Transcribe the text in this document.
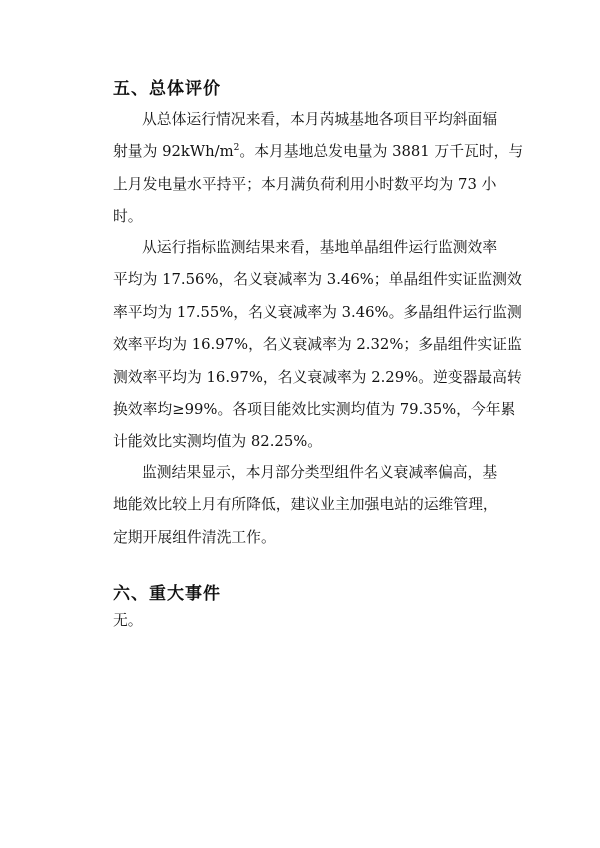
五、总体评价
从总体运行情况来看，本月芮城基地各项目平均斜面辐
射量为 $92kWh/m^2$。本月基地总发电量为 3881 万千瓦时，与
上月发电量水平持平；本月满负荷利用小时数平均为 73 小
时。
从运行指标监测结果来看，基地单晶组件运行监测效率
平均为 17.56%，名义衰减率为 3.46%；单晶组件实证监测效
率平均为 17.55%，名义衰减率为 3.46%。多晶组件运行监测
效率平均为 16.97%，名义衰减率为 2.32%；多晶组件实证监
测效率平均为 16.97%，名义衰减率为 2.29%。逆变器最高转
换效率均≥99%。各项目能效比实测均值为 79.35%，今年累
计能效比实测均值为 82.25%。
监测结果显示，本月部分类型组件名义衰减率偏高，基
地能效比较上月有所降低，建议业主加强电站的运维管理，
定期开展组件清洗工作。
六、重大事件
无。
